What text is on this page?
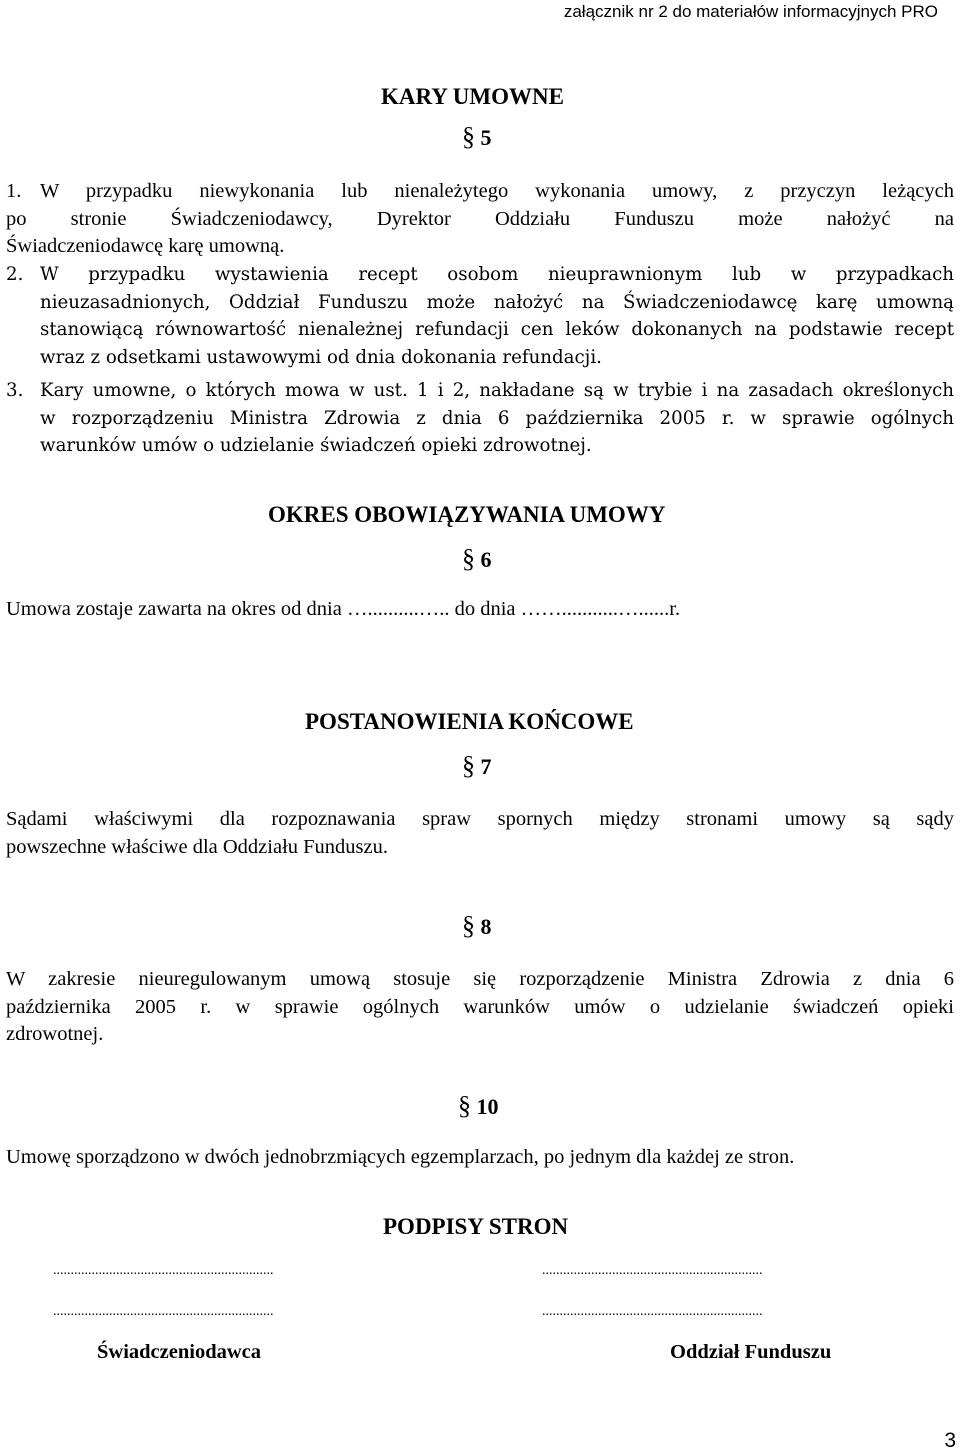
załącznik nr 2 do materiałów informacyjnych PRO
KARY UMOWNE
§ 5
1. W przypadku niewykonania lub nienależytego wykonania umowy, z przyczyn leżących
po stronie Świadczeniodawcy, Dyrektor Oddziału Funduszu może nałożyć na
Świadczeniodawcę karę umowną.
2. W przypadku wystawienia recept osobom nieuprawnionym lub w przypadkach
nieuzasadnionych, Oddział Funduszu może nałożyć na Świadczeniodawcę karę umowną
stanowiącą równowartość nienależnej refundacji cen leków dokonanych na podstawie recept
wraz z odsetkami ustawowymi od dnia dokonania refundacji.
3. Kary umowne, o których mowa w ust. 1 i 2, nakładane są w trybie i na zasadach określonych
w rozporządzeniu Ministra Zdrowia z dnia 6 października 2005 r. w sprawie ogólnych
warunków umów o udzielanie świadczeń opieki zdrowotnej.
OKRES OBOWIĄZYWANIA UMOWY
§ 6
Umowa zostaje zawarta na okres od dnia …..........….. do dnia ……...........…......r.
POSTANOWIENIA KOŃCOWE
§ 7
Sądami właściwymi dla rozpoznawania spraw spornych między stronami umowy są sądy
powszechne właściwe dla Oddziału Funduszu.
§ 8
W zakresie nieuregulowanym umową stosuje się rozporządzenie Ministra Zdrowia z dnia 6
października 2005 r. w sprawie ogólnych warunków umów o udzielanie świadczeń opieki
zdrowotnej.
§ 10
Umowę sporządzono w dwóch jednobrzmiących egzemplarzach, po jednym dla każdej ze stron.
PODPISY STRON
...............................................................	...............................................................
...............................................................	...............................................................
Świadczeniodawca	Oddział Funduszu
3
